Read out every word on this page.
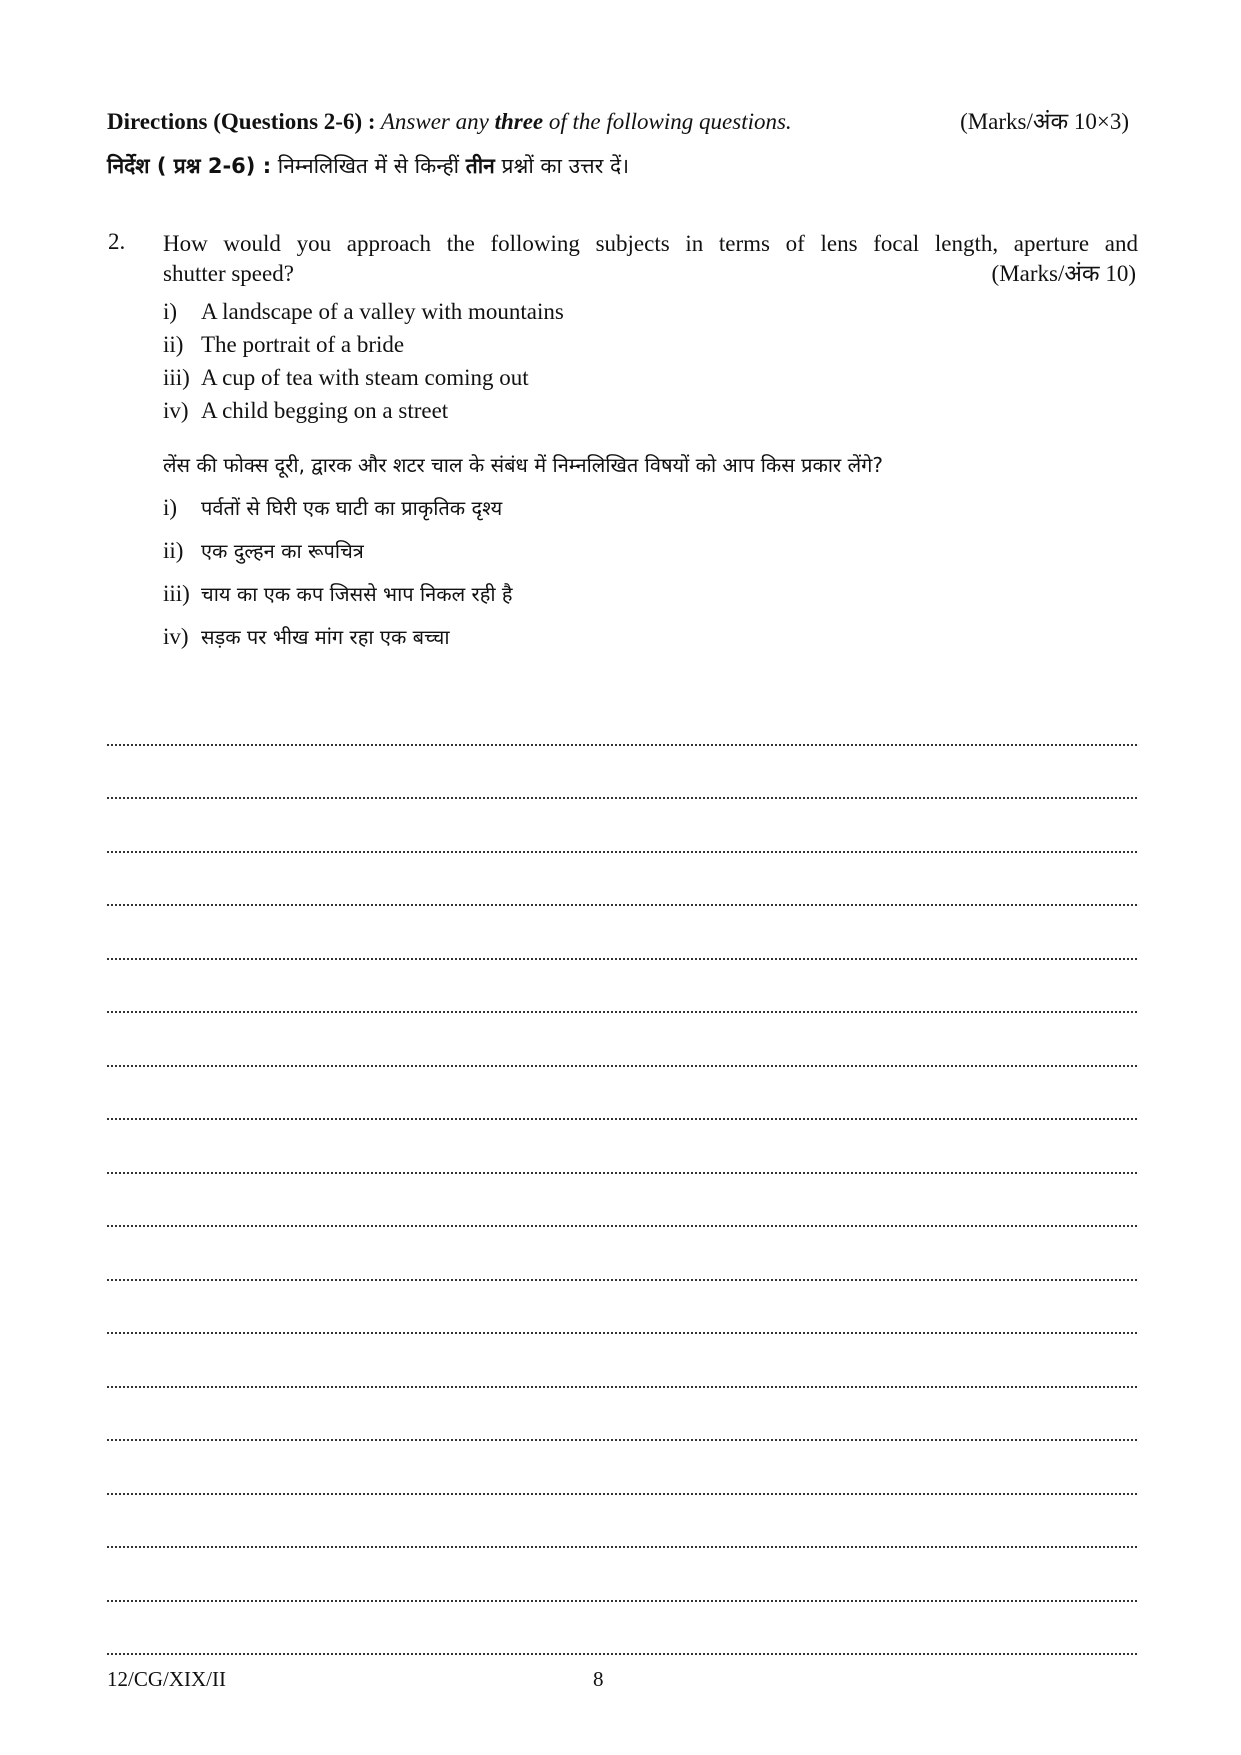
Directions (Questions 2-6) : Answer any three of the following questions.	(Marks/अंक 10×3)
निर्देश ( प्रश्न 2-6) : निम्नलिखित में से किन्हीं तीन प्रश्नों का उत्तर दें।
2. How would you approach the following subjects in terms of lens focal length, aperture and
shutter speed?	(Marks/अंक 10)
i) A landscape of a valley with mountains
ii) The portrait of a bride
iii) A cup of tea with steam coming out
iv) A child begging on a street
लेंस की फोक्स दूरी, द्वारक और शटर चाल के संबंध में निम्नलिखित विषयों को आप किस प्रकार लेंगे?
i) पर्वतों से घिरी एक घाटी का प्राकृतिक दृश्य
ii) एक दुल्हन का रूपचित्र
iii) चाय का एक कप जिससे भाप निकल रही है
iv) सड़क पर भीख मांग रहा एक बच्चा
12/CG/XIX/II	8
